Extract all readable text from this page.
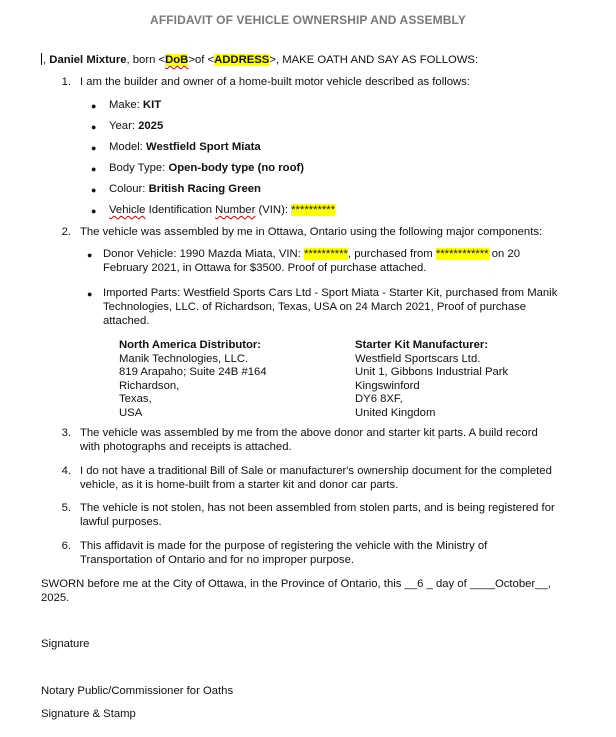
AFFIDAVIT OF VEHICLE OWNERSHIP AND ASSEMBLY
, Daniel Mixture, born <DoB>of <ADDRESS>, MAKE OATH AND SAY AS FOLLOWS:
1. I am the builder and owner of a home-built motor vehicle described as follows:
● Make: KIT
● Year: 2025
● Model: Westfield Sport Miata
● Body Type: Open-body type (no roof)
● Colour: British Racing Green
● Vehicle Identification Number (VIN): **********
2. The vehicle was assembled by me in Ottawa, Ontario using the following major components:
● Donor Vehicle: 1990 Mazda Miata, VIN: **********, purchased from ************ on 20
February 2021, in Ottawa for $3500. Proof of purchase attached.
● Imported Parts: Westfield Sports Cars Ltd - Sport Miata - Starter Kit, purchased from Manik
Technologies, LLC. of Richardson, Texas, USA on 24 March 2021, Proof of purchase
attached.
North America Distributor:
Manik Technologies, LLC.
819 Arapaho; Suite 24B #164
Richardson,
Texas,
USA
Starter Kit Manufacturer:
Westfield Sportscars Ltd.
Unit 1, Gibbons Industrial Park
Kingswinford
DY6 8XF,
United Kingdom
3. The vehicle was assembled by me from the above donor and starter kit parts. A build record
with photographs and receipts is attached.
4. I do not have a traditional Bill of Sale or manufacturer's ownership document for the completed
vehicle, as it is home-built from a starter kit and donor car parts.
5. The vehicle is not stolen, has not been assembled from stolen parts, and is being registered for
lawful purposes.
6. This affidavit is made for the purpose of registering the vehicle with the Ministry of
Transportation of Ontario and for no improper purpose.
SWORN before me at the City of Ottawa, in the Province of Ontario, this __6 _ day of ____October__,
2025.
Signature
Notary Public/Commissioner for Oaths
Signature & Stamp
